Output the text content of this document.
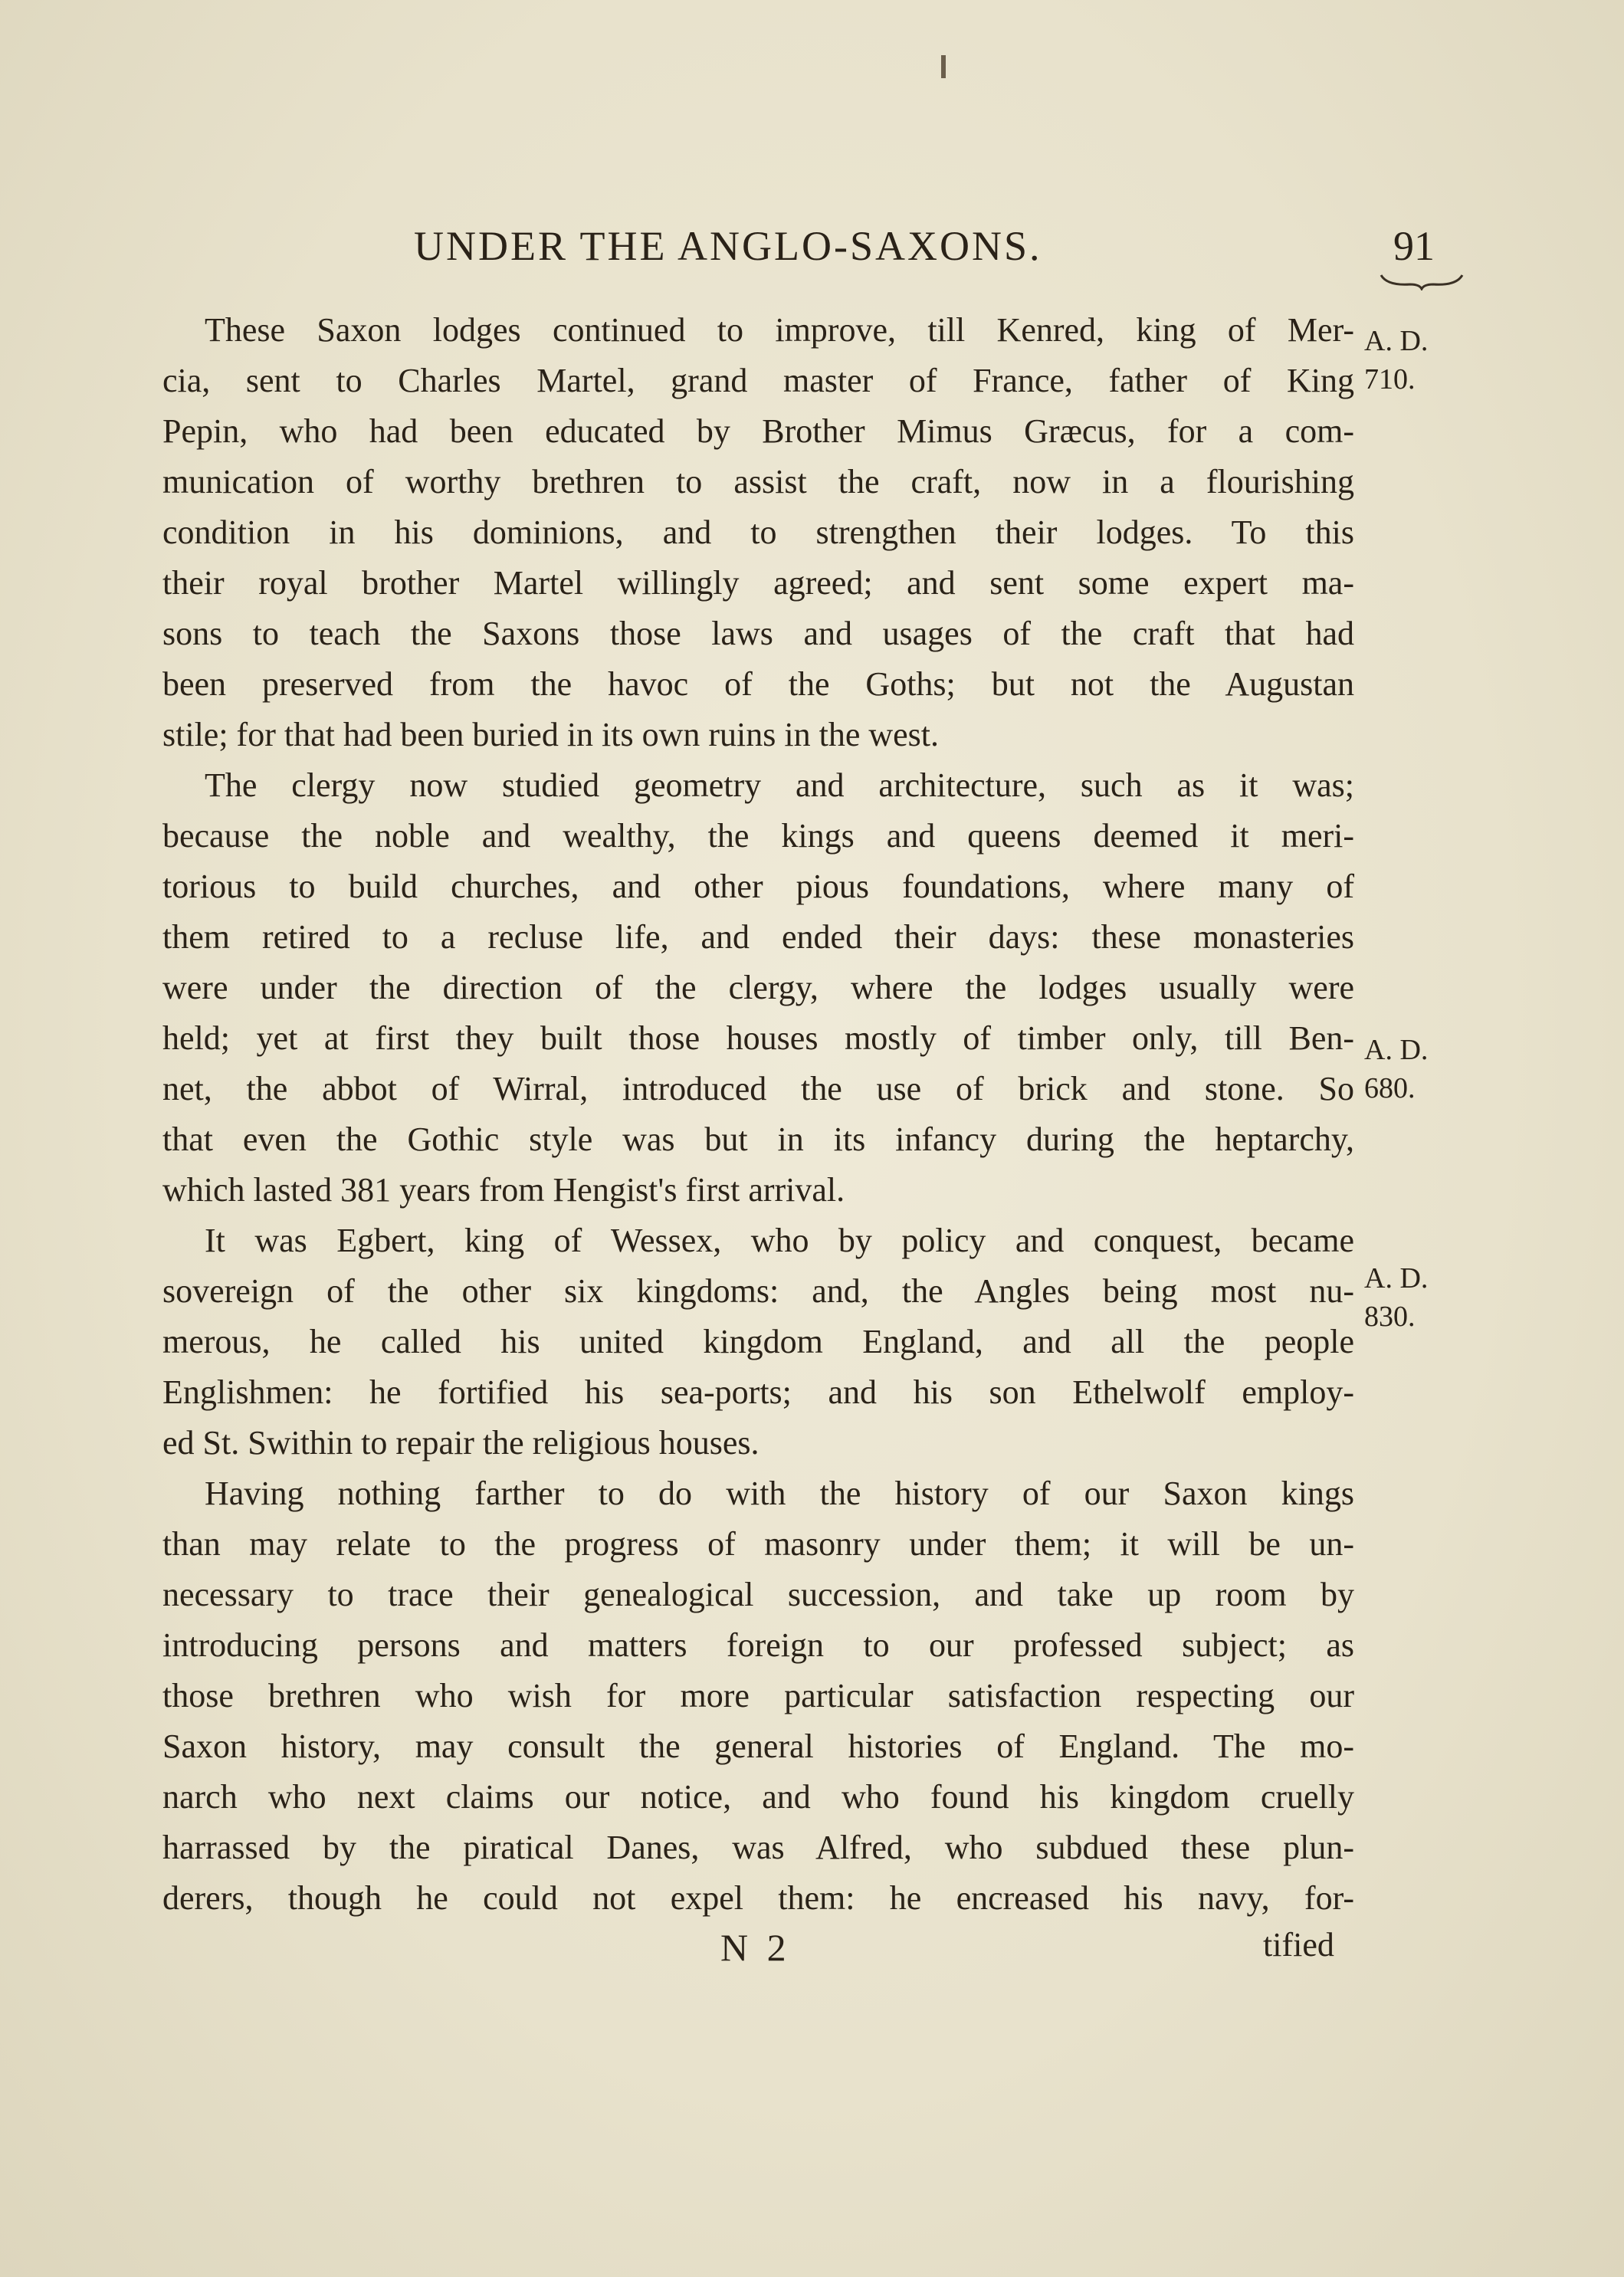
UNDER THE ANGLO-SAXONS.	91
These Saxon lodges continued to improve, till Kenred, king of Mer-
cia, sent to Charles Martel, grand master of France, father of King
Pepin, who had been educated by Brother Mimus Græcus, for a com-
munication of worthy brethren to assist the craft, now in a flourishing
condition in his dominions, and to strengthen their lodges. To this
their royal brother Martel willingly agreed; and sent some expert ma-
sons to teach the Saxons those laws and usages of the craft that had
been preserved from the havoc of the Goths; but not the Augustan
stile; for that had been buried in its own ruins in the west.
The clergy now studied geometry and architecture, such as it was;
because the noble and wealthy, the kings and queens deemed it meri-
torious to build churches, and other pious foundations, where many of
them retired to a recluse life, and ended their days: these monasteries
were under the direction of the clergy, where the lodges usually were
held; yet at first they built those houses mostly of timber only, till Ben-
net, the abbot of Wirral, introduced the use of brick and stone. So
that even the Gothic style was but in its infancy during the heptarchy,
which lasted 381 years from Hengist's first arrival.
It was Egbert, king of Wessex, who by policy and conquest, became
sovereign of the other six kingdoms: and, the Angles being most nu-
merous, he called his united kingdom England, and all the people
Englishmen: he fortified his sea-ports; and his son Ethelwolf employ-
ed St. Swithin to repair the religious houses.
Having nothing farther to do with the history of our Saxon kings
than may relate to the progress of masonry under them; it will be un-
necessary to trace their genealogical succession, and take up room by
introducing persons and matters foreign to our professed subject; as
those brethren who wish for more particular satisfaction respecting our
Saxon history, may consult the general histories of England. The mo-
narch who next claims our notice, and who found his kingdom cruelly
harrassed by the piratical Danes, was Alfred, who subdued these plun-
derers, though he could not expel them: he encreased his navy, for-
A. D.
710.
A. D.
680.
A. D.
830.
N 2	tified
